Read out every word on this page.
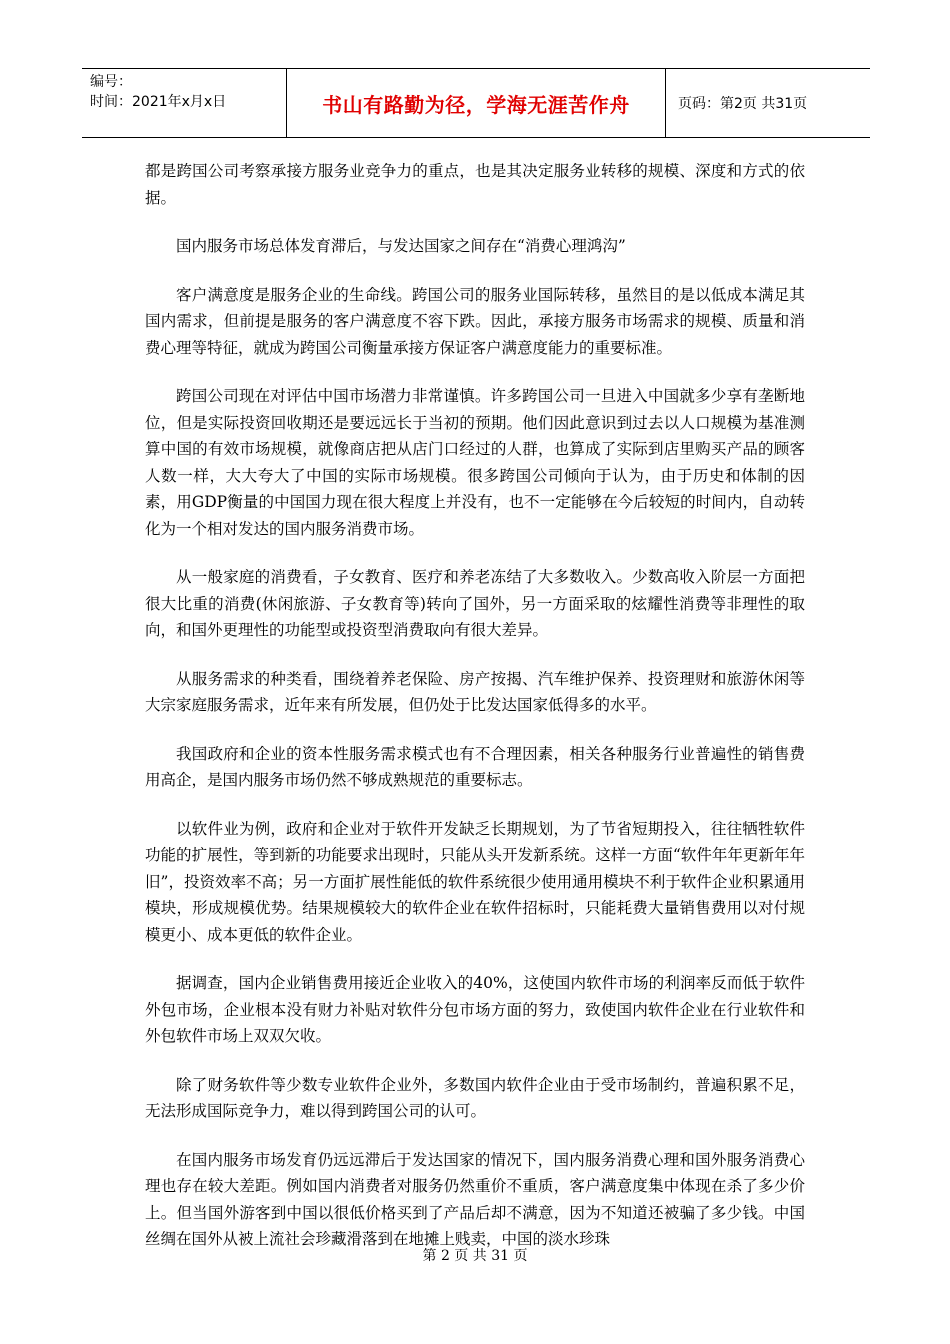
编号：
时间：2021年x月x日	书山有路勤为径，学海无涯苦作舟	页码：第2页 共31页

都是跨国公司考察承接方服务业竞争力的重点，也是其决定服务业转移的规模、深度和方式的依据。

国内服务市场总体发育滞后，与发达国家之间存在“消费心理鸿沟”

客户满意度是服务企业的生命线。跨国公司的服务业国际转移，虽然目的是以低成本满足其国内需求，但前提是服务的客户满意度不容下跌。因此，承接方服务市场需求的规模、质量和消费心理等特征，就成为跨国公司衡量承接方保证客户满意度能力的重要标准。

跨国公司现在对评估中国市场潜力非常谨慎。许多跨国公司一旦进入中国就多少享有垄断地位，但是实际投资回收期还是要远远长于当初的预期。他们因此意识到过去以人口规模为基准测算中国的有效市场规模，就像商店把从店门口经过的人群，也算成了实际到店里购买产品的顾客人数一样，大大夸大了中国的实际市场规模。很多跨国公司倾向于认为，由于历史和体制的因素，用GDP衡量的中国国力现在很大程度上并没有，也不一定能够在今后较短的时间内，自动转化为一个相对发达的国内服务消费市场。

从一般家庭的消费看，子女教育、医疗和养老冻结了大多数收入。少数高收入阶层一方面把很大比重的消费(休闲旅游、子女教育等)转向了国外，另一方面采取的炫耀性消费等非理性的取向，和国外更理性的功能型或投资型消费取向有很大差异。

从服务需求的种类看，围绕着养老保险、房产按揭、汽车维护保养、投资理财和旅游休闲等大宗家庭服务需求，近年来有所发展，但仍处于比发达国家低得多的水平。

我国政府和企业的资本性服务需求模式也有不合理因素，相关各种服务行业普遍性的销售费用高企，是国内服务市场仍然不够成熟规范的重要标志。

以软件业为例，政府和企业对于软件开发缺乏长期规划，为了节省短期投入，往往牺牲软件功能的扩展性，等到新的功能要求出现时，只能从头开发新系统。这样一方面“软件年年更新年年旧”，投资效率不高；另一方面扩展性能低的软件系统很少使用通用模块不利于软件企业积累通用模块，形成规模优势。结果规模较大的软件企业在软件招标时，只能耗费大量销售费用以对付规模更小、成本更低的软件企业。

据调查，国内企业销售费用接近企业收入的40%，这使国内软件市场的利润率反而低于软件外包市场，企业根本没有财力补贴对软件分包市场方面的努力，致使国内软件企业在行业软件和外包软件市场上双双欠收。

除了财务软件等少数专业软件企业外，多数国内软件企业由于受市场制约，普遍积累不足，无法形成国际竞争力，难以得到跨国公司的认可。

在国内服务市场发育仍远远滞后于发达国家的情况下，国内服务消费心理和国外服务消费心理也存在较大差距。例如国内消费者对服务仍然重价不重质，客户满意度集中体现在杀了多少价上。但当国外游客到中国以很低价格买到了产品后却不满意，因为不知道还被骗了多少钱。中国丝绸在国外从被上流社会珍藏滑落到在地摊上贱卖，中国的淡水珍珠

第 2 页 共 31 页
